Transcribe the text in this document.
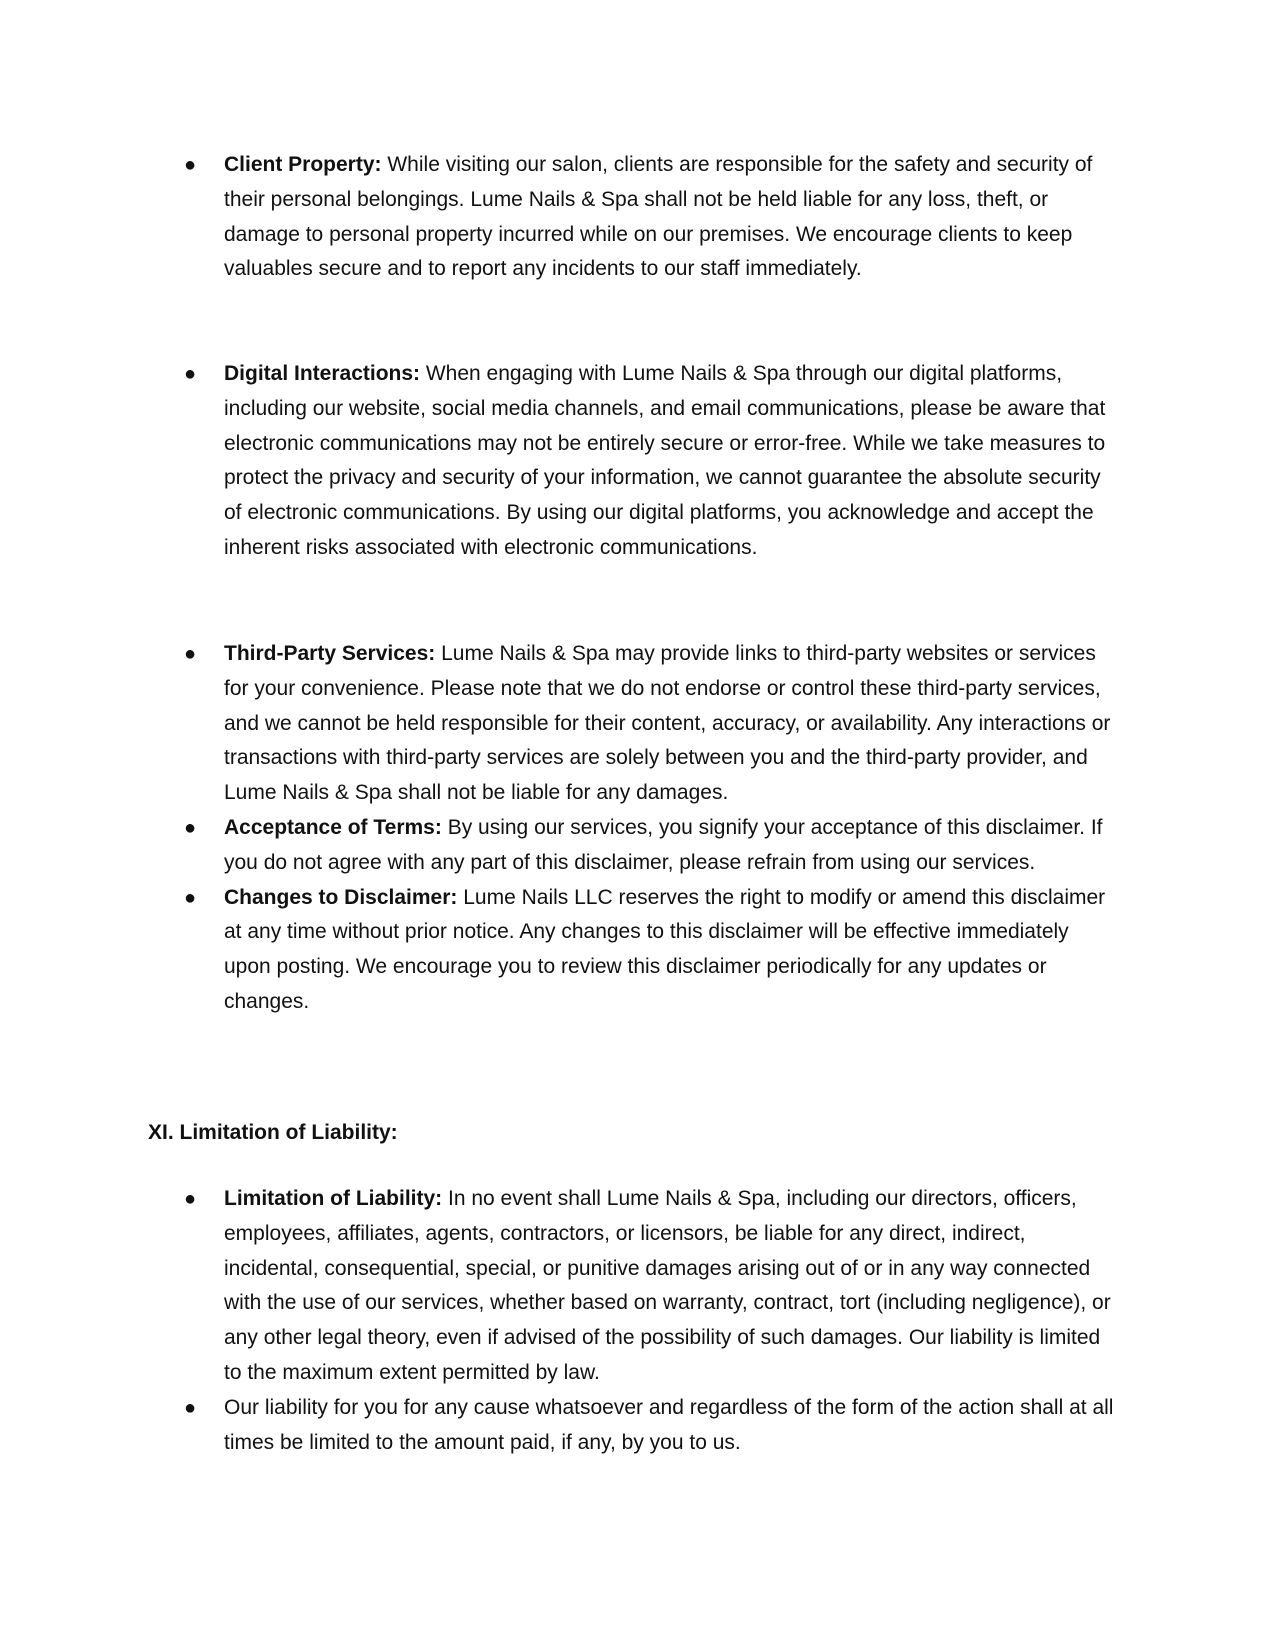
●	Client Property: While visiting our salon, clients are responsible for the safety and security of their personal belongings. Lume Nails & Spa shall not be held liable for any loss, theft, or damage to personal property incurred while on our premises. We encourage clients to keep valuables secure and to report any incidents to our staff immediately.
●	Digital Interactions: When engaging with Lume Nails & Spa through our digital platforms, including our website, social media channels, and email communications, please be aware that electronic communications may not be entirely secure or error-free. While we take measures to protect the privacy and security of your information, we cannot guarantee the absolute security of electronic communications. By using our digital platforms, you acknowledge and accept the inherent risks associated with electronic communications.
●	Third-Party Services: Lume Nails & Spa may provide links to third-party websites or services for your convenience. Please note that we do not endorse or control these third-party services, and we cannot be held responsible for their content, accuracy, or availability. Any interactions or transactions with third-party services are solely between you and the third-party provider, and Lume Nails & Spa shall not be liable for any damages.
●	Acceptance of Terms: By using our services, you signify your acceptance of this disclaimer. If you do not agree with any part of this disclaimer, please refrain from using our services.
●	Changes to Disclaimer: Lume Nails LLC reserves the right to modify or amend this disclaimer at any time without prior notice. Any changes to this disclaimer will be effective immediately upon posting. We encourage you to review this disclaimer periodically for any updates or changes.
XI. Limitation of Liability:
●	Limitation of Liability: In no event shall Lume Nails & Spa, including our directors, officers, employees, affiliates, agents, contractors, or licensors, be liable for any direct, indirect, incidental, consequential, special, or punitive damages arising out of or in any way connected with the use of our services, whether based on warranty, contract, tort (including negligence), or any other legal theory, even if advised of the possibility of such damages. Our liability is limited to the maximum extent permitted by law.
●	Our liability for you for any cause whatsoever and regardless of the form of the action shall at all times be limited to the amount paid, if any, by you to us.
